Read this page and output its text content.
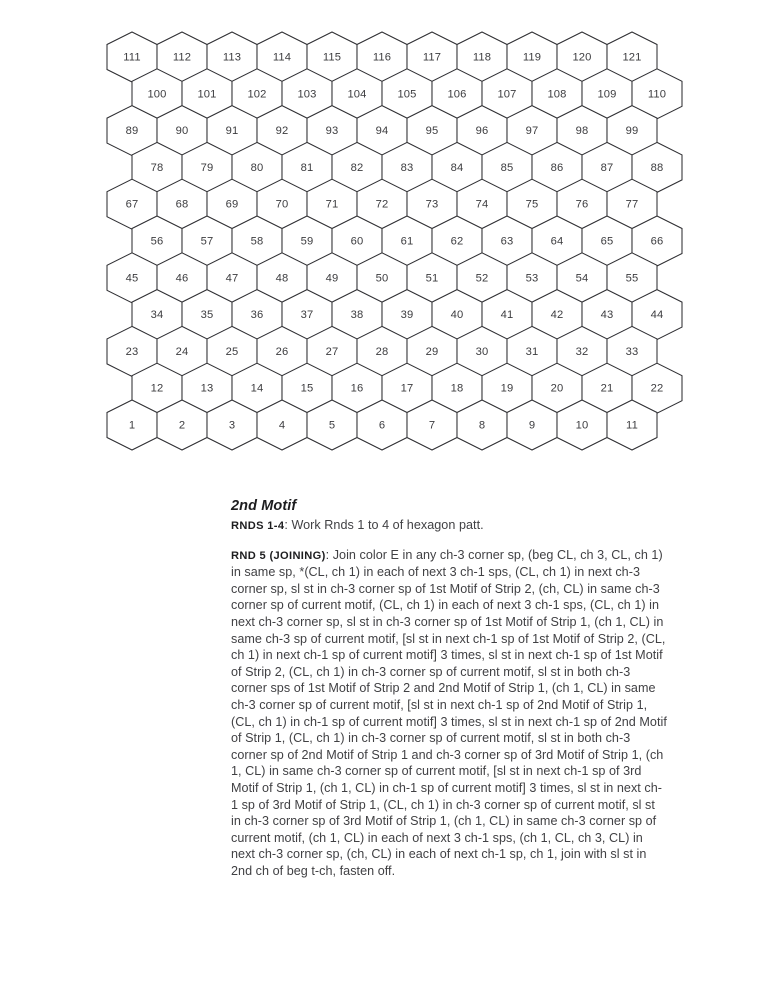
111	112	113	114	115	116	117	118	119	120	121
100	101	102	103	104	105	106	107	108	109	110
89	90	91	92	93	94	95	96	97	98	99
78	79	80	81	82	83	84	85	86	87	88
67	68	69	70	71	72	73	74	75	76	77
56	57	58	59	60	61	62	63	64	65	66
45	46	47	48	49	50	51	52	53	54	55
34	35	36	37	38	39	40	41	42	43	44
23	24	25	26	27	28	29	30	31	32	33
12	13	14	15	16	17	18	19	20	21	22
1	2	3	4	5	6	7	8	9	10	11
2nd Motif

RNDS 1-4: Work Rnds 1 to 4 of hexagon patt.

RND 5 (JOINING): Join color E in any ch-3 corner sp, (beg CL, ch 3, CL, ch 1) in same sp, *(CL, ch 1) in each of next 3 ch-1 sps, (CL, ch 1) in next ch-3 corner sp, sl st in ch-3 corner sp of 1st Motif of Strip 2, (ch, CL) in same ch-3 corner sp of current motif, (CL, ch 1) in each of next 3 ch-1 sps, (CL, ch 1) in next ch-3 corner sp, sl st in ch-3 corner sp of 1st Motif of Strip 1, (ch 1, CL) in same ch-3 sp of current motif, [sl st in next ch-1 sp of 1st Motif of Strip 2, (CL, ch 1) in next ch-1 sp of current motif] 3 times, sl st in next ch-1 sp of 1st Motif of Strip 2, (CL, ch 1) in ch-3 corner sp of current motif, sl st in both ch-3 corner sps of 1st Motif of Strip 2 and 2nd Motif of Strip 1, (ch 1, CL) in same ch-3 corner sp of current motif, [sl st in next ch-1 sp of 2nd Motif of Strip 1, (CL, ch 1) in ch-1 sp of current motif] 3 times, sl st in next ch-1 sp of 2nd Motif of Strip 1, (CL, ch 1) in ch-3 corner sp of current motif, sl st in both ch-3 corner sp of 2nd Motif of Strip 1 and ch-3 corner sp of 3rd Motif of Strip 1, (ch 1, CL) in same ch-3 corner sp of current motif, [sl st in next ch-1 sp of 3rd Motif of Strip 1, (ch 1, CL) in ch-1 sp of current motif] 3 times, sl st in next ch-1 sp of 3rd Motif of Strip 1, (CL, ch 1) in ch-3 corner sp of current motif, sl st in ch-3 corner sp of 3rd Motif of Strip 1, (ch 1, CL) in same ch-3 corner sp of current motif, (ch 1, CL) in each of next 3 ch-1 sps, (ch 1, CL, ch 3, CL) in next ch-3 corner sp, (ch, CL) in each of next ch-1 sp, ch 1, join with sl st in 2nd ch of beg t-ch, fasten off.
